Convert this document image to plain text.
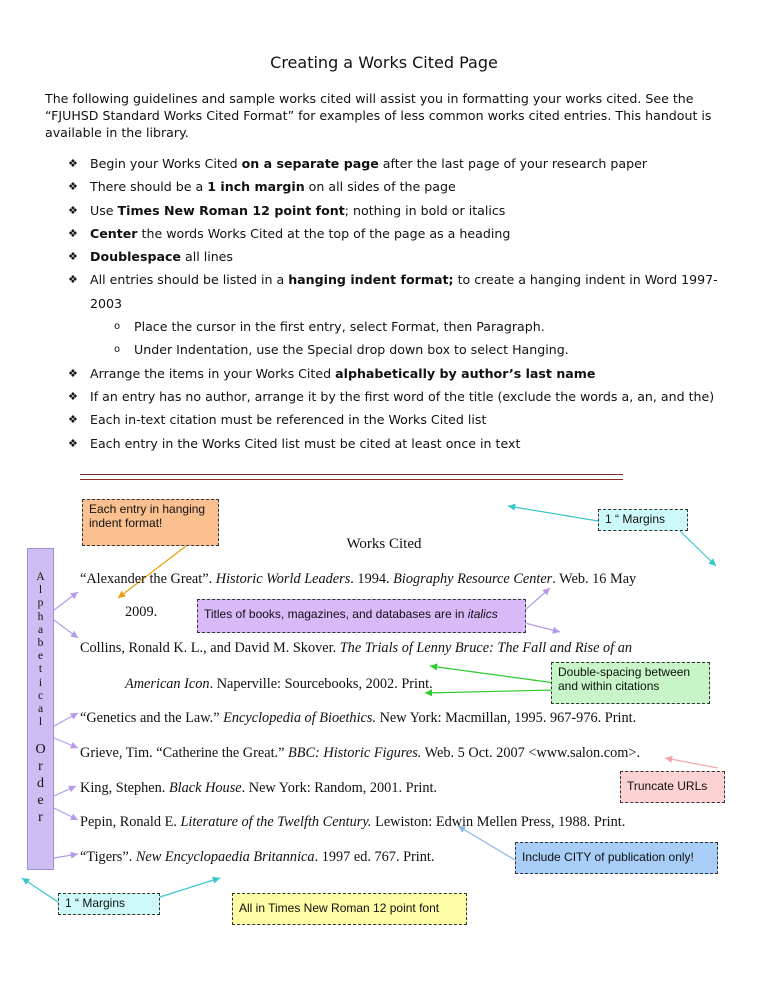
Creating a Works Cited Page
The following guidelines and sample works cited will assist you in formatting your works cited. See the “FJUHSD Standard Works Cited Format” for examples of less common works cited entries. This handout is available in the library.
❖ Begin your Works Cited on a separate page after the last page of your research paper
❖ There should be a 1 inch margin on all sides of the page
❖ Use Times New Roman 12 point font; nothing in bold or italics
❖ Center the words Works Cited at the top of the page as a heading
❖ Doublespace all lines
❖ All entries should be listed in a hanging indent format; to create a hanging indent in Word 1997-2003
o Place the cursor in the first entry, select Format, then Paragraph.
o Under Indentation, use the Special drop down box to select Hanging.
❖ Arrange the items in your Works Cited alphabetically by author’s last name
❖ If an entry has no author, arrange it by the first word of the title (exclude the words a, an, and the)
❖ Each in-text citation must be referenced in the Works Cited list
❖ Each entry in the Works Cited list must be cited at least once in text
Each entry in hanging indent format!	1 “ Margins
Works Cited
A
l
p
h
a
b
e
t
i
c
a
l
O
r
d
e
r
“Alexander the Great”. Historic World Leaders. 1994. Biography Resource Center. Web. 16 May
2009.	Titles of books, magazines, and databases are in italics
Collins, Ronald K. L., and David M. Skover. The Trials of Lenny Bruce: The Fall and Rise of an
American Icon. Naperville: Sourcebooks, 2002. Print.
Double-spacing between and within citations
“Genetics and the Law.” Encyclopedia of Bioethics. New York: Macmillan, 1995. 967-976. Print.
Grieve, Tim. “Catherine the Great.” BBC: Historic Figures. Web. 5 Oct. 2007 <www.salon.com>.
Truncate URLs
King, Stephen. Black House. New York: Random, 2001. Print.
Pepin, Ronald E. Literature of the Twelfth Century. Lewiston: Edwin Mellen Press, 1988. Print.
Include CITY of publication only!
“Tigers”. New Encyclopaedia Britannica. 1997 ed. 767. Print.
1 “ Margins	All in Times New Roman 12 point font
